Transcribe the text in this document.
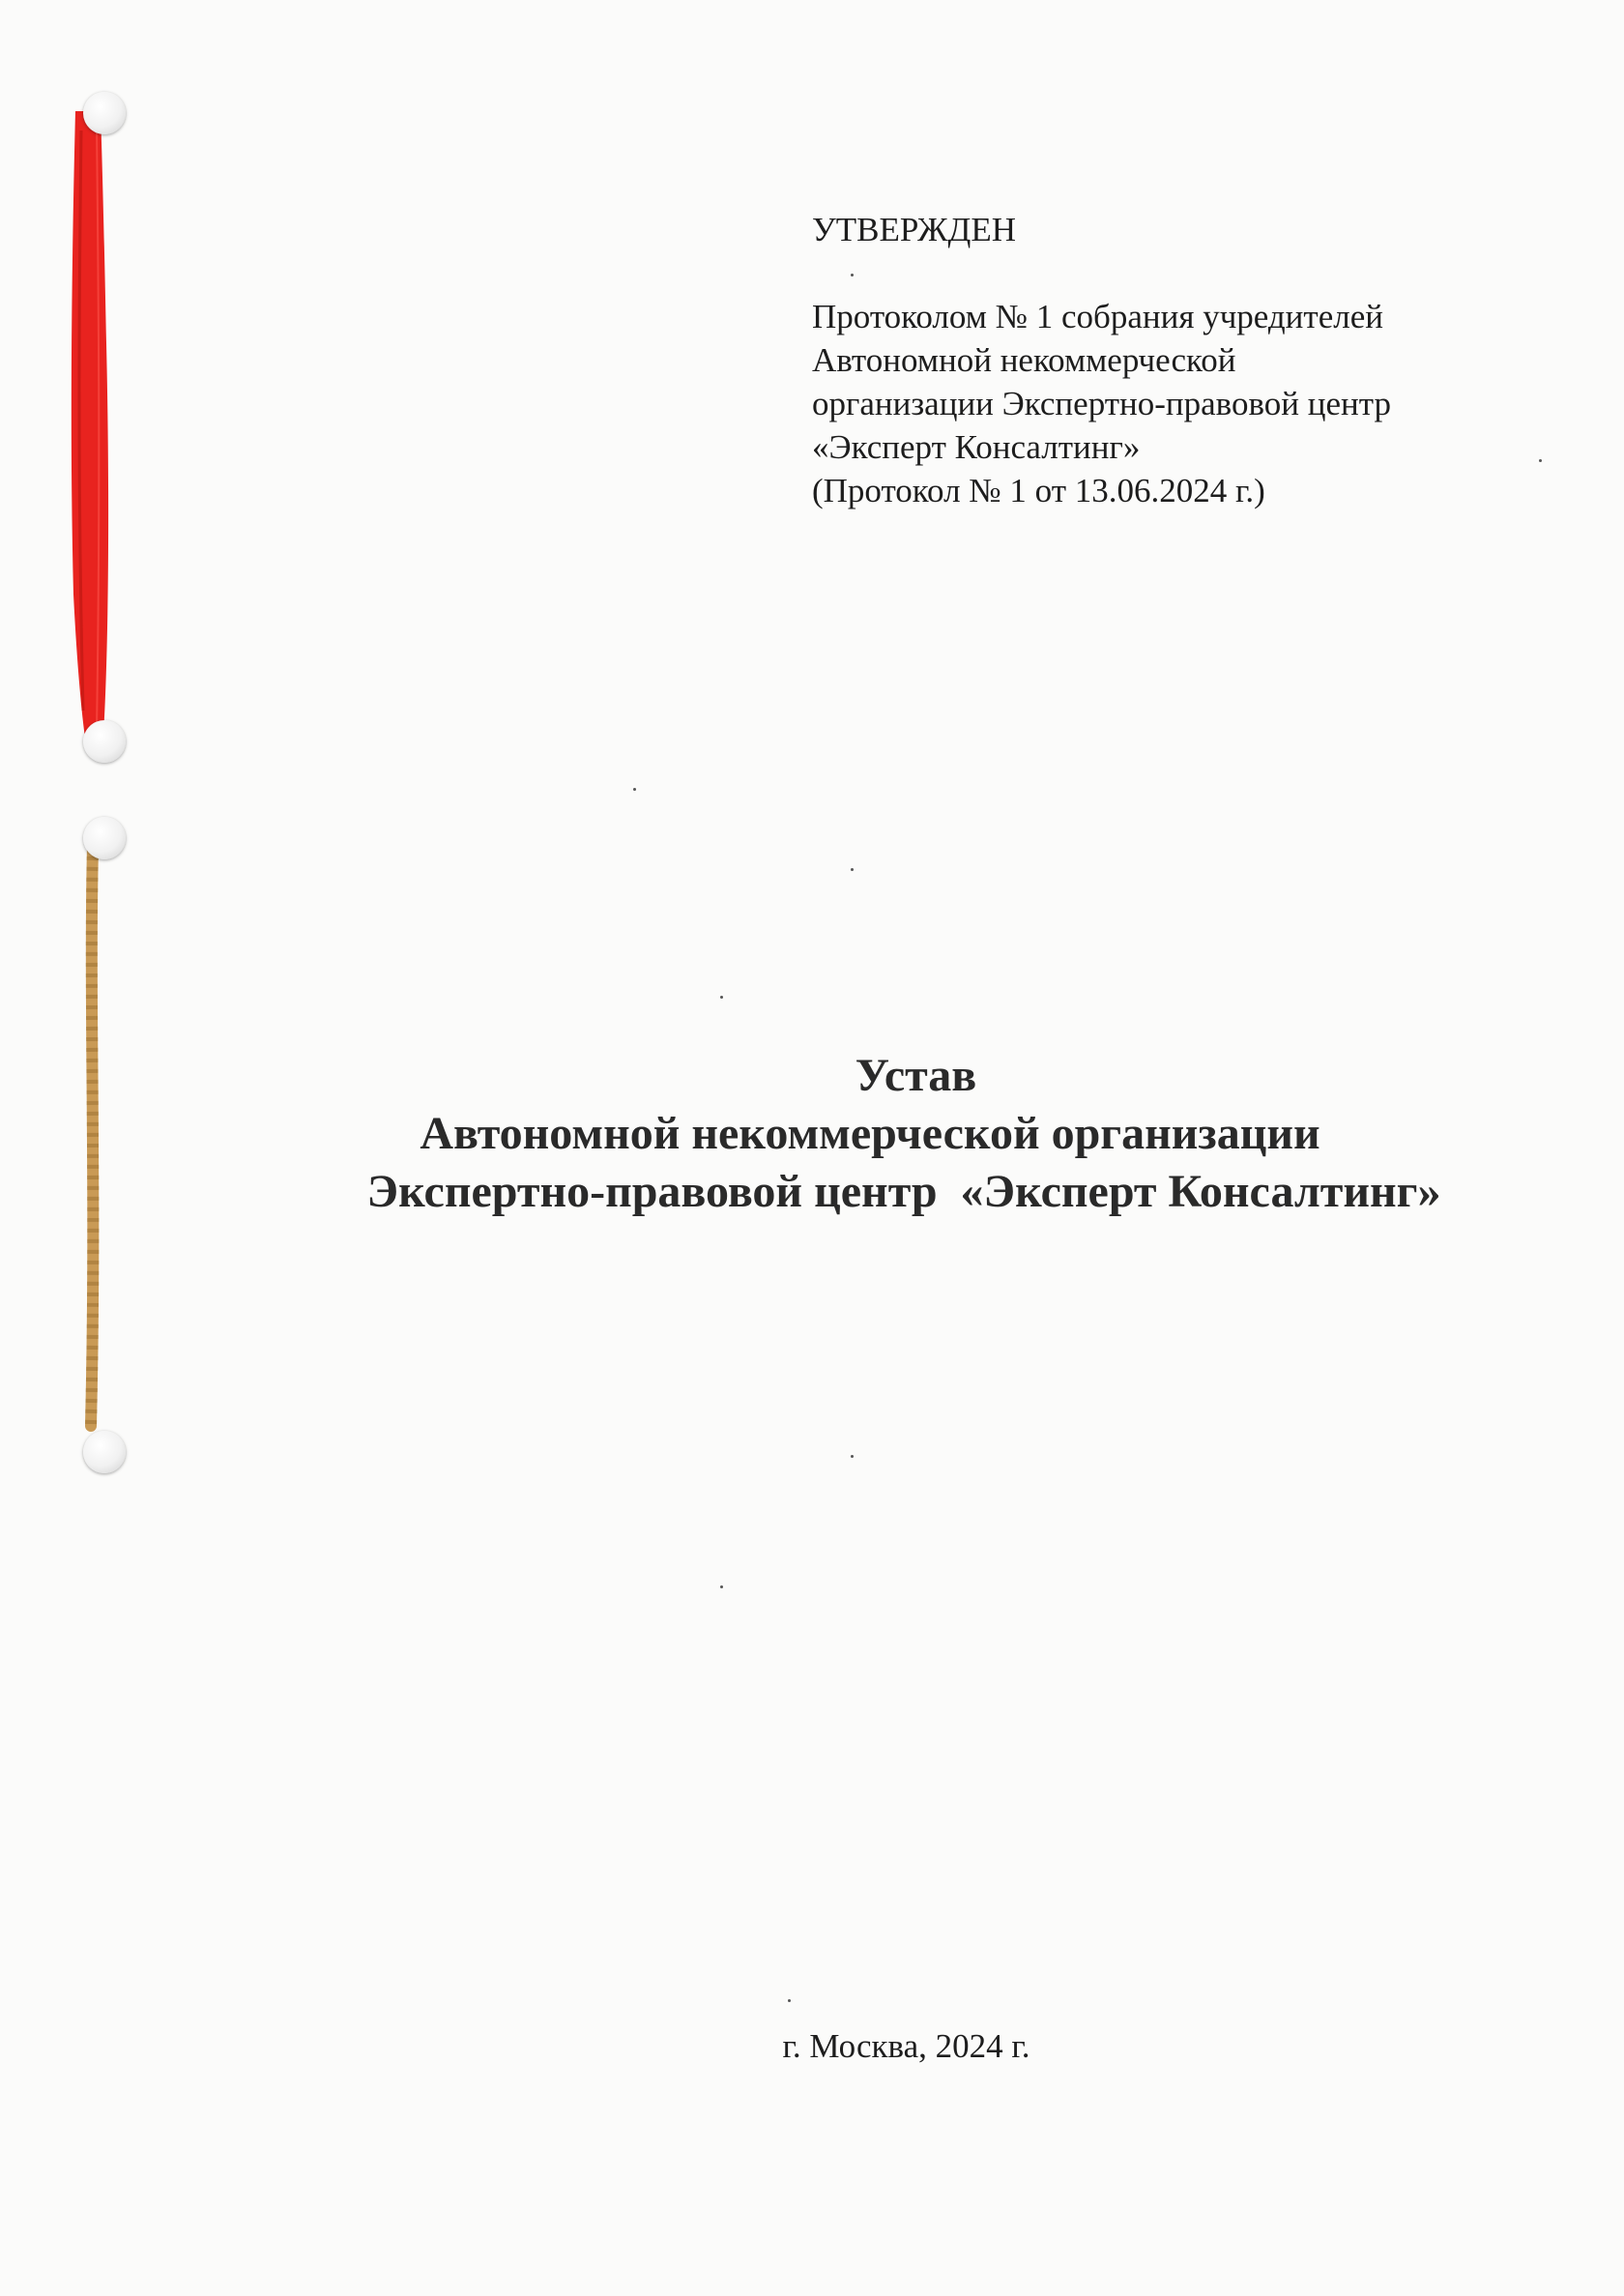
УТВЕРЖДЕН
Протоколом № 1 собрания учредителей
Автономной некоммерческой
организации Экспертно-правовой центр
«Эксперт Консалтинг»
(Протокол № 1 от 13.06.2024 г.)
Устав
Автономной некоммерческой организации
Экспертно-правовой центр  «Эксперт Консалтинг»
г. Москва, 2024 г.
